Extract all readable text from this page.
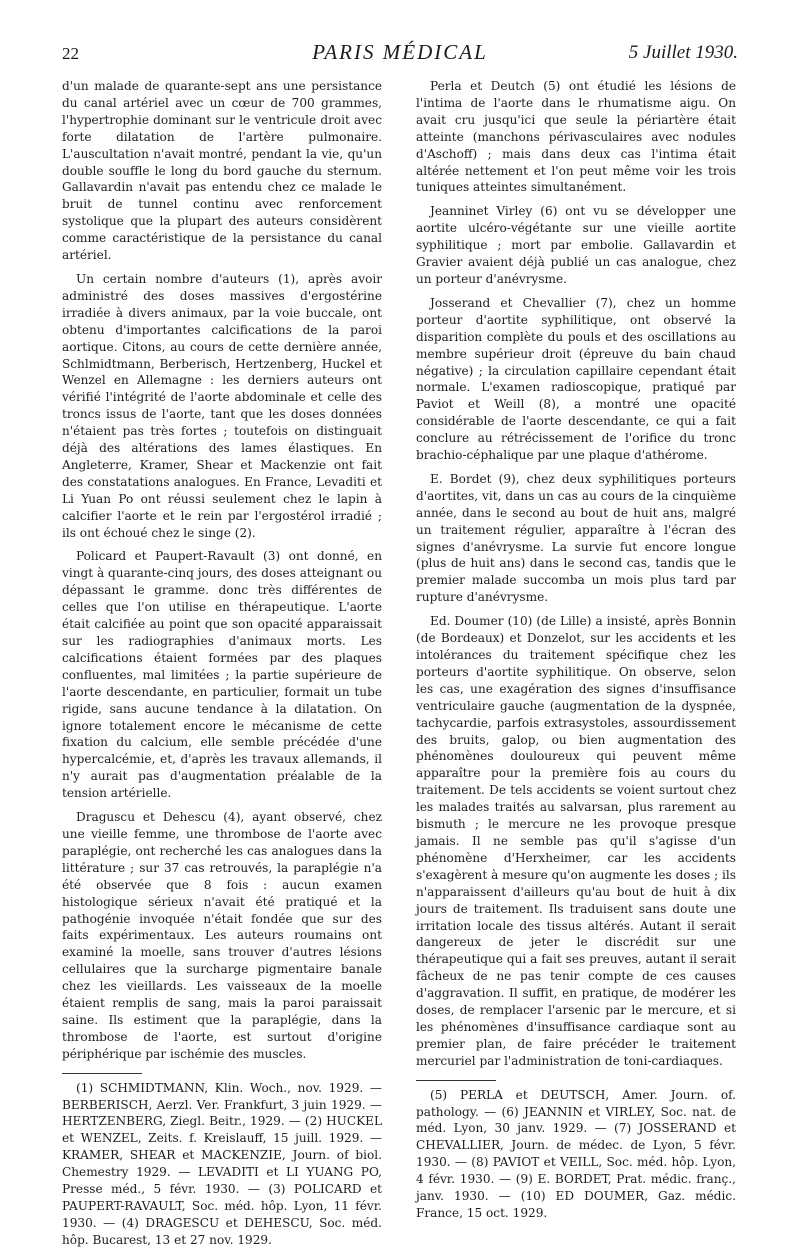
22	PARIS MÉDICAL	5 Juillet 1930.

d'un malade de quarante-sept ans une persistance du canal artériel avec un cœur de 700 grammes, l'hypertrophie dominant sur le ventricule droit avec forte dilatation de l'artère pulmonaire. L'auscultation n'avait montré, pendant la vie, qu'un double souffle le long du bord gauche du sternum. Gallavardin n'avait pas entendu chez ce malade le bruit de tunnel continu avec renforcement systolique que la plupart des auteurs considèrent comme caractéristique de la persistance du canal artériel.

Un certain nombre d'auteurs (1), après avoir administré des doses massives d'ergostérine irradiée à divers animaux, par la voie buccale, ont obtenu d'importantes calcifications de la paroi aortique. Citons, au cours de cette dernière année, Schlmidtmann, Berberisch, Hertzenberg, Huckel et Wenzel en Allemagne : les derniers auteurs ont vérifié l'intégrité de l'aorte abdominale et celle des troncs issus de l'aorte, tant que les doses données n'étaient pas très fortes ; toutefois on distinguait déjà des altérations des lames élastiques. En Angleterre, Kramer, Shear et Mackenzie ont fait des constatations analogues. En France, Levaditi et Li Yuan Po ont réussi seulement chez le lapin à calcifier l'aorte et le rein par l'ergostérol irradié ; ils ont échoué chez le singe (2).

Policard et Paupert-Ravault (3) ont donné, en vingt à quarante-cinq jours, des doses atteignant ou dépassant le gramme. donc très différentes de celles que l'on utilise en thérapeutique. L'aorte était calcifiée au point que son opacité apparaissait sur les radiographies d'animaux morts. Les calcifications étaient formées par des plaques confluentes, mal limitées ; la partie supérieure de l'aorte descendante, en particulier, formait un tube rigide, sans aucune tendance à la dilatation. On ignore totalement encore le mécanisme de cette fixation du calcium, elle semble précédée d'une hypercalcémie, et, d'après les travaux allemands, il n'y aurait pas d'augmentation préalable de la tension artérielle.

Draguscu et Dehescu (4), ayant observé, chez une vieille femme, une thrombose de l'aorte avec paraplégie, ont recherché les cas analogues dans la littérature ; sur 37 cas retrouvés, la paraplégie n'a été observée que 8 fois : aucun examen histologique sérieux n'avait été pratiqué et la pathogénie invoquée n'était fondée que sur des faits expérimentaux. Les auteurs roumains ont examiné la moelle, sans trouver d'autres lésions cellulaires que la surcharge pigmentaire banale chez les vieillards. Les vaisseaux de la moelle étaient remplis de sang, mais la paroi paraissait saine. Ils estiment que la paraplégie, dans la thrombose de l'aorte, est surtout d'origine périphérique par ischémie des muscles.

(1) SCHMIDTMANN, Klin. Woch., nov. 1929. — BERBERISCH, Aerzl. Ver. Frankfurt, 3 juin 1929. — HERTZENBERG, Ziegl. Beitr., 1929. — (2) HUCKEL et WENZEL, Zeits. f. Kreislauff, 15 juill. 1929. — KRAMER, SHEAR et MACKENZIE, Journ. of biol. Chemestry 1929. — LEVADITI et LI YUANG PO, Presse méd., 5 févr. 1930. — (3) POLICARD et PAUPERT-RAVAULT, Soc. méd. hôp. Lyon, 11 févr. 1930. — (4) DRAGESCU et DEHESCU, Soc. méd. hôp. Bucarest, 13 et 27 nov. 1929.

Perla et Deutch (5) ont étudié les lésions de l'intima de l'aorte dans le rhumatisme aigu. On avait cru jusqu'ici que seule la périartère était atteinte (manchons périvasculaires avec nodules d'Aschoff) ; mais dans deux cas l'intima était altérée nettement et l'on peut même voir les trois tuniques atteintes simultanément.

Jeanninet Virley (6) ont vu se développer une aortite ulcéro-végétante sur une vieille aortite syphilitique ; mort par embolie. Gallavardin et Gravier avaient déjà publié un cas analogue, chez un porteur d'anévrysme.

Josserand et Chevallier (7), chez un homme porteur d'aortite syphilitique, ont observé la disparition complète du pouls et des oscillations au membre supérieur droit (épreuve du bain chaud négative) ; la circulation capillaire cependant était normale. L'examen radioscopique, pratiqué par Paviot et Weill (8), a montré une opacité considérable de l'aorte descendante, ce qui a fait conclure au rétrécissement de l'orifice du tronc brachio-céphalique par une plaque d'athérome.

E. Bordet (9), chez deux syphilitiques porteurs d'aortites, vit, dans un cas au cours de la cinquième année, dans le second au bout de huit ans, malgré un traitement régulier, apparaître à l'écran des signes d'anévrysme. La survie fut encore longue (plus de huit ans) dans le second cas, tandis que le premier malade succomba un mois plus tard par rupture d'anévrysme.

Ed. Doumer (10) (de Lille) a insisté, après Bonnin (de Bordeaux) et Donzelot, sur les accidents et les intolérances du traitement spécifique chez les porteurs d'aortite syphilitique. On observe, selon les cas, une exagération des signes d'insuffisance ventriculaire gauche (augmentation de la dyspnée, tachycardie, parfois extrasystoles, assourdissement des bruits, galop, ou bien augmentation des phénomènes douloureux qui peuvent même apparaître pour la première fois au cours du traitement. De tels accidents se voient surtout chez les malades traités au salvarsan, plus rarement au bismuth ; le mercure ne les provoque presque jamais. Il ne semble pas qu'il s'agisse d'un phénomène d'Herxheimer, car les accidents s'exagèrent à mesure qu'on augmente les doses ; ils n'apparaissent d'ailleurs qu'au bout de huit à dix jours de traitement. Ils traduisent sans doute une irritation locale des tissus altérés. Autant il serait dangereux de jeter le discrédit sur une thérapeutique qui a fait ses preuves, autant il serait fâcheux de ne pas tenir compte de ces causes d'aggravation. Il suffit, en pratique, de modérer les doses, de remplacer l'arsenic par le mercure, et si les phénomènes d'insuffisance cardiaque sont au premier plan, de faire précéder le traitement mercuriel par l'administration de toni-cardiaques.

(5) PERLA et DEUTSCH, Amer. Journ. of. pathology. — (6) JEANNIN et VIRLEY, Soc. nat. de méd. Lyon, 30 janv. 1929. — (7) JOSSERAND et CHEVALLIER, Journ. de médec. de Lyon, 5 févr. 1930. — (8) PAVIOT et VEILL, Soc. méd. hôp. Lyon, 4 févr. 1930. — (9) E. BORDET, Prat. médic. franç., janv. 1930. — (10) ED DOUMER, Gaz. médic. France, 15 oct. 1929.
